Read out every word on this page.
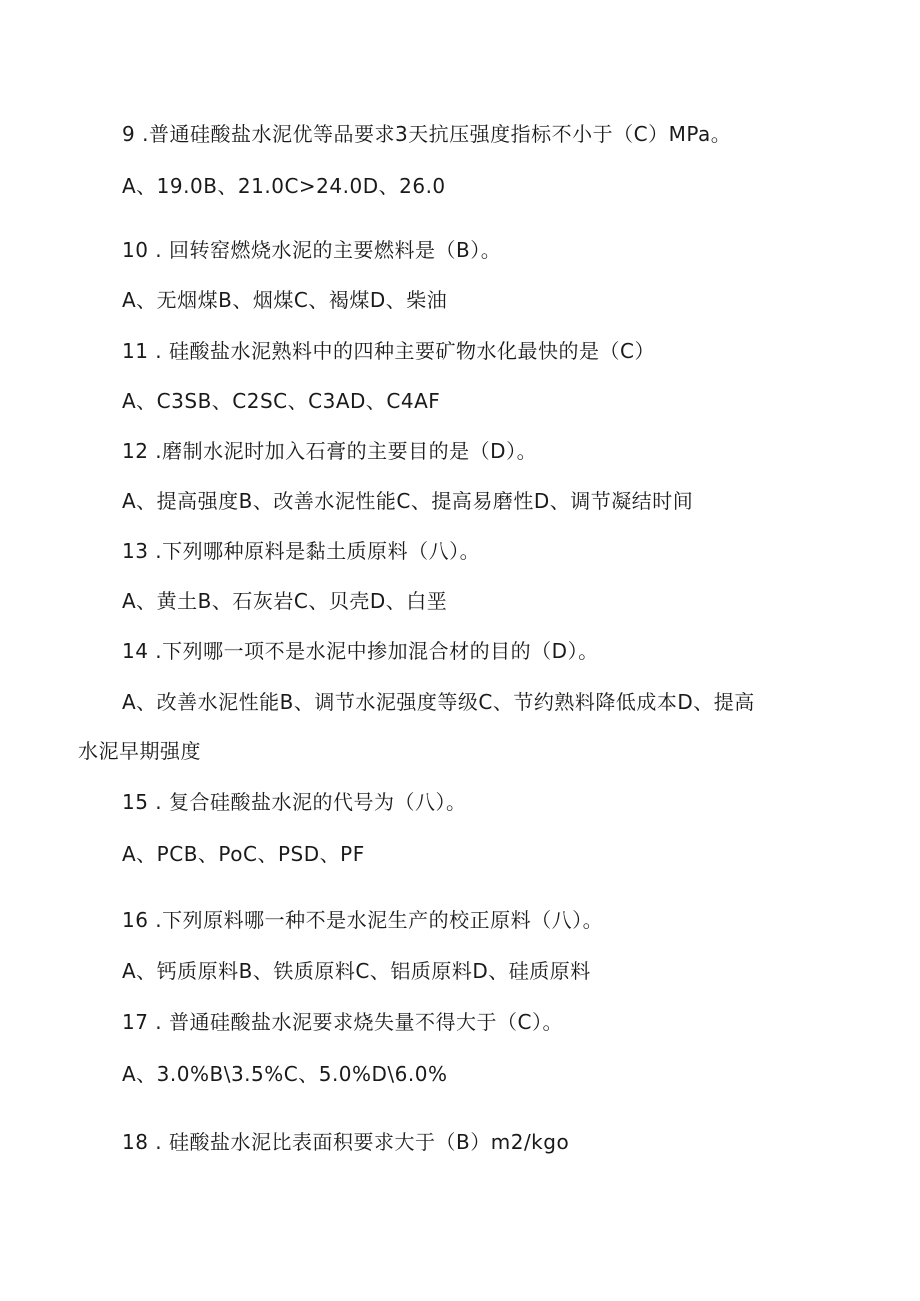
9 .普通硅酸盐水泥优等品要求3天抗压强度指标不小于（C）MPa。
A、19.0B、21.0C>24.0D、26.0
10 . 回转窑燃烧水泥的主要燃料是（B）。
A、无烟煤B、烟煤C、褐煤D、柴油
11 . 硅酸盐水泥熟料中的四种主要矿物水化最快的是（C）
A、C3SB、C2SC、C3AD、C4AF
12 .磨制水泥时加入石膏的主要目的是（D）。
A、提高强度B、改善水泥性能C、提高易磨性D、调节凝结时间
13 .下列哪种原料是黏土质原料（八）。
A、黄土B、石灰岩C、贝壳D、白垩
14 .下列哪一项不是水泥中掺加混合材的目的（D）。
A、改善水泥性能B、调节水泥强度等级C、节约熟料降低成本D、提高
水泥早期强度
15 . 复合硅酸盐水泥的代号为（八）。
A、PCB、PoC、PSD、PF
16 .下列原料哪一种不是水泥生产的校正原料（八）。
A、钙质原料B、铁质原料C、铝质原料D、硅质原料
17 . 普通硅酸盐水泥要求烧失量不得大于（C）。
A、3.0%B\3.5%C、5.0%D\6.0%
18 . 硅酸盐水泥比表面积要求大于（B）m2/kgo
